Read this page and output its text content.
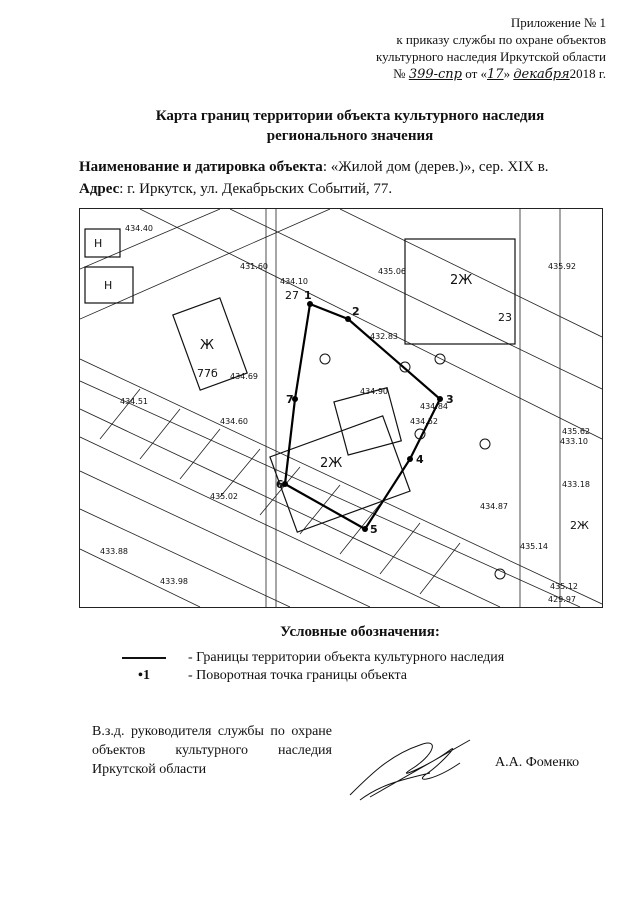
Приложение № 1
к приказу службы по охране объектов
культурного наследия Иркутской области
№ 399-спр от «17» декабря2018 г.
Карта границ территории объекта культурного наследия
регионального значения
Наименование и датировка объекта: «Жилой дом (дерев.)», сер. XIX в.
Адрес: г. Иркутск, ул. Декабрьских Событий, 77.
Н
Н
Ж
77б
2Ж
2Ж
2Ж
23
27 1
2
3
4
5
6
7
434.40
431.60
434.10
435.06
435.92
434.69
434.60
434.51
433.98
435.02
434.84
434.87
434.52
435.12
433.10
433.18
432.83
429.97
435.14
435.62
433.88
434.90
Условные обозначения:
- Границы территории объекта культурного наследия
•1	- Поворотная точка границы объекта
В.з.д. руководителя службы по охране объектов культурного наследия Иркутской области	А.А. Фоменко
